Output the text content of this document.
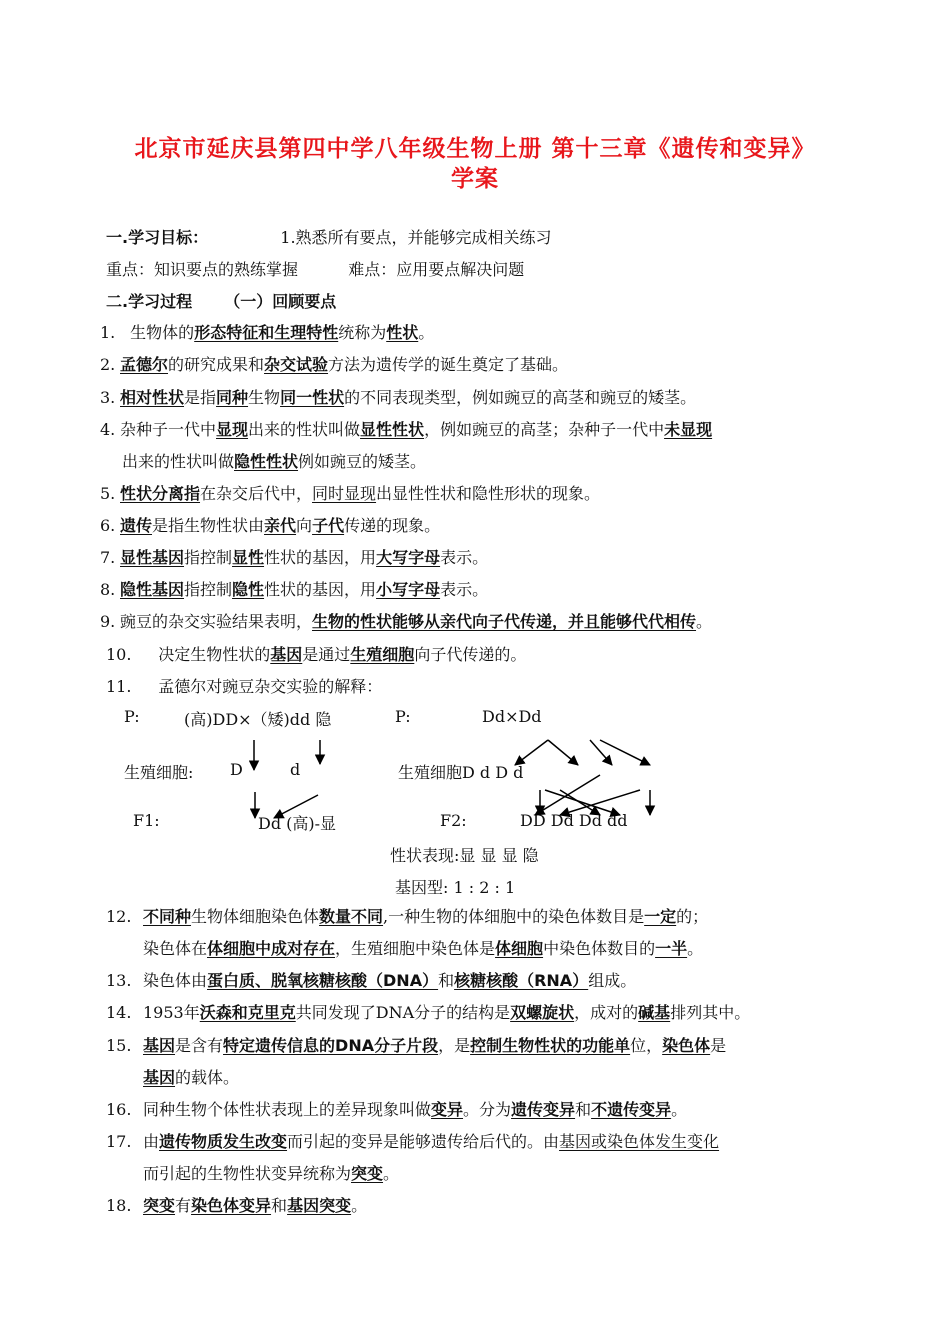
北京市延庆县第四中学八年级生物上册 第十三章《遗传和变异》
学案
一.学习目标：	1.熟悉所有要点，并能够完成相关练习
重点：知识要点的熟练掌握	难点：应用要点解决问题
二.学习过程 （一）回顾要点
1. 生物体的形态特征和生理特性统称为性状。
2. 孟德尔的研究成果和杂交试验方法为遗传学的诞生奠定了基础。
3. 相对性状是指同种生物同一性状的不同表现类型，例如豌豆的高茎和豌豆的矮茎。
4. 杂种子一代中显现出来的性状叫做显性性状，例如豌豆的高茎；杂种子一代中未显现
出来的性状叫做隐性性状例如豌豆的矮茎。
5. 性状分离指在杂交后代中，同时显现出显性性状和隐性形状的现象。
6. 遗传是指生物性状由亲代向子代传递的现象。
7. 显性基因指控制显性性状的基因，用大写字母表示。
8. 隐性基因指控制隐性性状的基因，用小写字母表示。
9. 豌豆的杂交实验结果表明，生物的性状能够从亲代向子代传递，并且能够代代相传。
10. 决定生物性状的基因是通过生殖细胞向子代传递的。
11. 孟德尔对豌豆杂交实验的解释：
12. 不同种生物体细胞染色体数量不同,一种生物的体细胞中的染色体数目是一定的；
染色体在体细胞中成对存在，生殖细胞中染色体是体细胞中染色体数目的一半。
13. 染色体由蛋白质、脱氧核糖核酸（DNA）和核糖核酸（RNA）组成。
14. 1953年沃森和克里克共同发现了DNA分子的结构是双螺旋状，成对的碱基排列其中。
15. 基因是含有特定遗传信息的DNA分子片段，是控制生物性状的功能单位，染色体是
基因的载体。
16. 同种生物个体性状表现上的差异现象叫做变异。分为遗传变异和不遗传变异。
17. 由遗传物质发生改变而引起的变异是能够遗传给后代的。由基因或染色体发生变化
而引起的生物性状变异统称为突变。
18. 突变有染色体变异和基因突变。
P:	(高)DD×（矮)dd 隐	P:	Dd×Dd
生殖细胞: D	d	生殖细胞D d D d
F1:	Dd (高)-显	F2:	DD Dd Dd dd
性状表现:显 显 显 隐
基因型: 1 : 2 : 1
